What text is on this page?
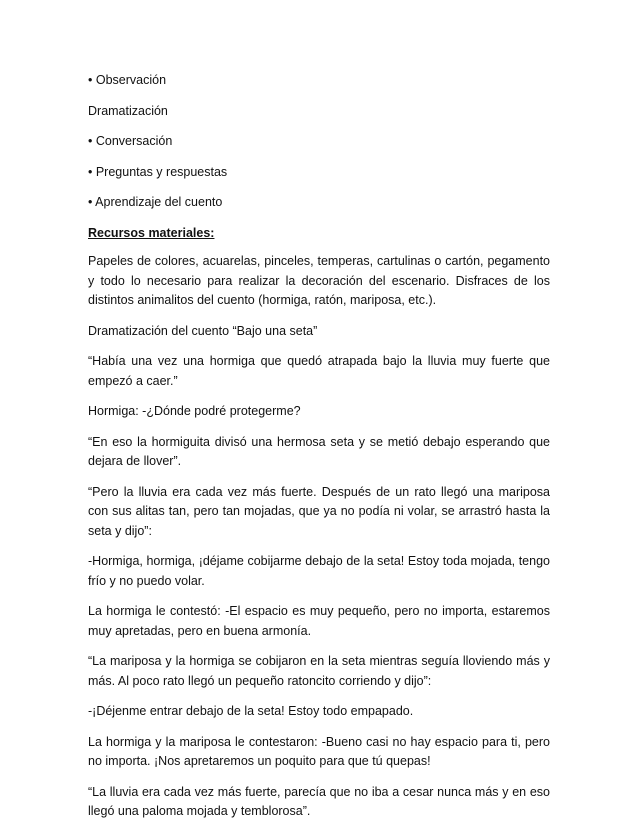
• Observación

Dramatización

• Conversación

• Preguntas y respuestas

• Aprendizaje del cuento

Recursos materiales:

Papeles de colores, acuarelas, pinceles, temperas, cartulinas o cartón, pegamento y todo lo necesario para realizar la decoración del escenario. Disfraces de los distintos animalitos del cuento (hormiga, ratón, mariposa, etc.).

Dramatización del cuento “Bajo una seta”

“Había una vez una hormiga que quedó atrapada bajo la lluvia muy fuerte que empezó a caer.”

Hormiga: -¿Dónde podré protegerme?

“En eso la hormiguita divisó una hermosa seta y se metió debajo esperando que dejara de llover”.

“Pero la lluvia era cada vez más fuerte. Después de un rato llegó una mariposa con sus alitas tan, pero tan mojadas, que ya no podía ni volar, se arrastró hasta la seta y dijo”:

-Hormiga, hormiga, ¡déjame cobijarme debajo de la seta! Estoy toda mojada, tengo frío y no puedo volar.

La hormiga le contestó: -El espacio es muy pequeño, pero no importa, estaremos muy apretadas, pero en buena armonía.

“La mariposa y la hormiga se cobijaron en la seta mientras seguía lloviendo más y más. Al poco rato llegó un pequeño ratoncito corriendo y dijo”:

-¡Déjenme entrar debajo de la seta! Estoy todo empapado.

La hormiga y la mariposa le contestaron: -Bueno casi no hay espacio para ti, pero no importa. ¡Nos apretaremos un poquito para que tú quepas!

“La lluvia era cada vez más fuerte, parecía que no iba a cesar nunca más y en eso llegó una paloma mojada y temblorosa”.
